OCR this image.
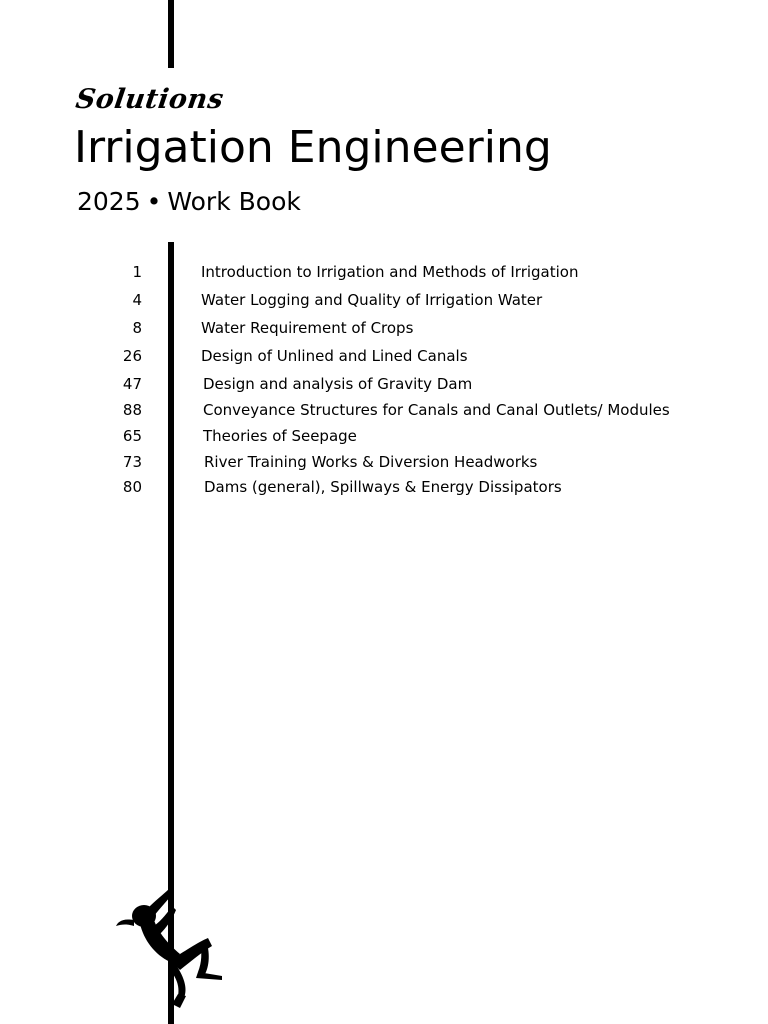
Solutions
Irrigation Engineering
2025 • Work Book
1	Introduction to Irrigation and Methods of Irrigation
4	Water Logging and Quality of Irrigation Water
8	Water Requirement of Crops
26	Design of Unlined and Lined Canals
47	Design and analysis of Gravity Dam
88	Conveyance Structures for Canals and Canal Outlets/ Modules
65	Theories of Seepage
73	River Training Works & Diversion Headworks
80	Dams (general), Spillways & Energy Dissipators
